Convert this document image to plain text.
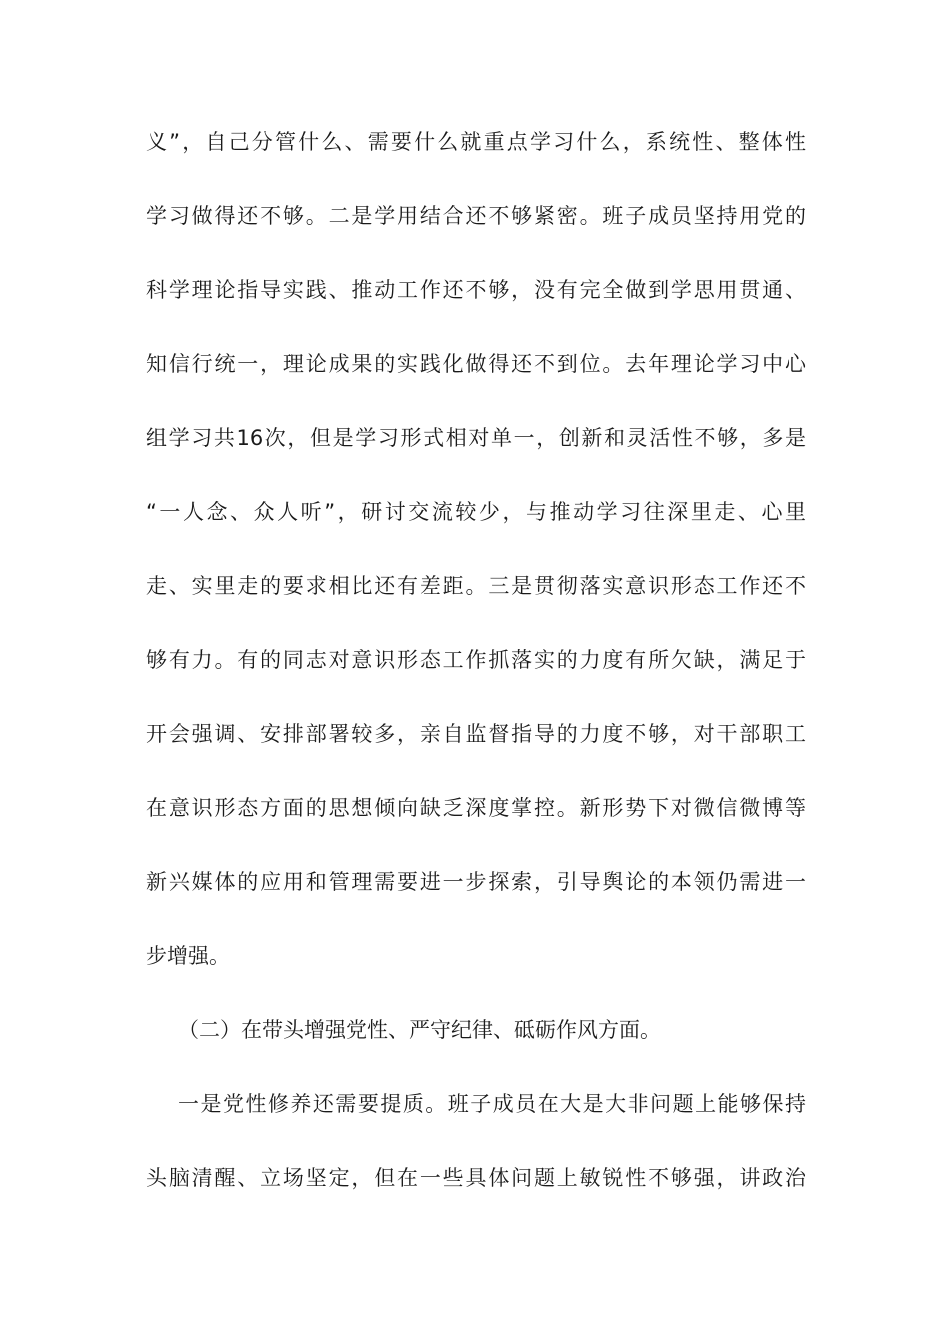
义”，自己分管什么、需要什么就重点学习什么，系统性、整体性
学习做得还不够。二是学用结合还不够紧密。班子成员坚持用党的
科学理论指导实践、推动工作还不够，没有完全做到学思用贯通、
知信行统一，理论成果的实践化做得还不到位。去年理论学习中心
组学习共16次，但是学习形式相对单一，创新和灵活性不够，多是
“一人念、众人听”，研讨交流较少，与推动学习往深里走、心里
走、实里走的要求相比还有差距。三是贯彻落实意识形态工作还不
够有力。有的同志对意识形态工作抓落实的力度有所欠缺，满足于
开会强调、安排部署较多，亲自监督指导的力度不够，对干部职工
在意识形态方面的思想倾向缺乏深度掌控。新形势下对微信微博等
新兴媒体的应用和管理需要进一步探索，引导舆论的本领仍需进一
步增强。
（二）在带头增强党性、严守纪律、砥砺作风方面。
一是党性修养还需要提质。班子成员在大是大非问题上能够保持
头脑清醒、立场坚定，但在一些具体问题上敏锐性不够强，讲政治
